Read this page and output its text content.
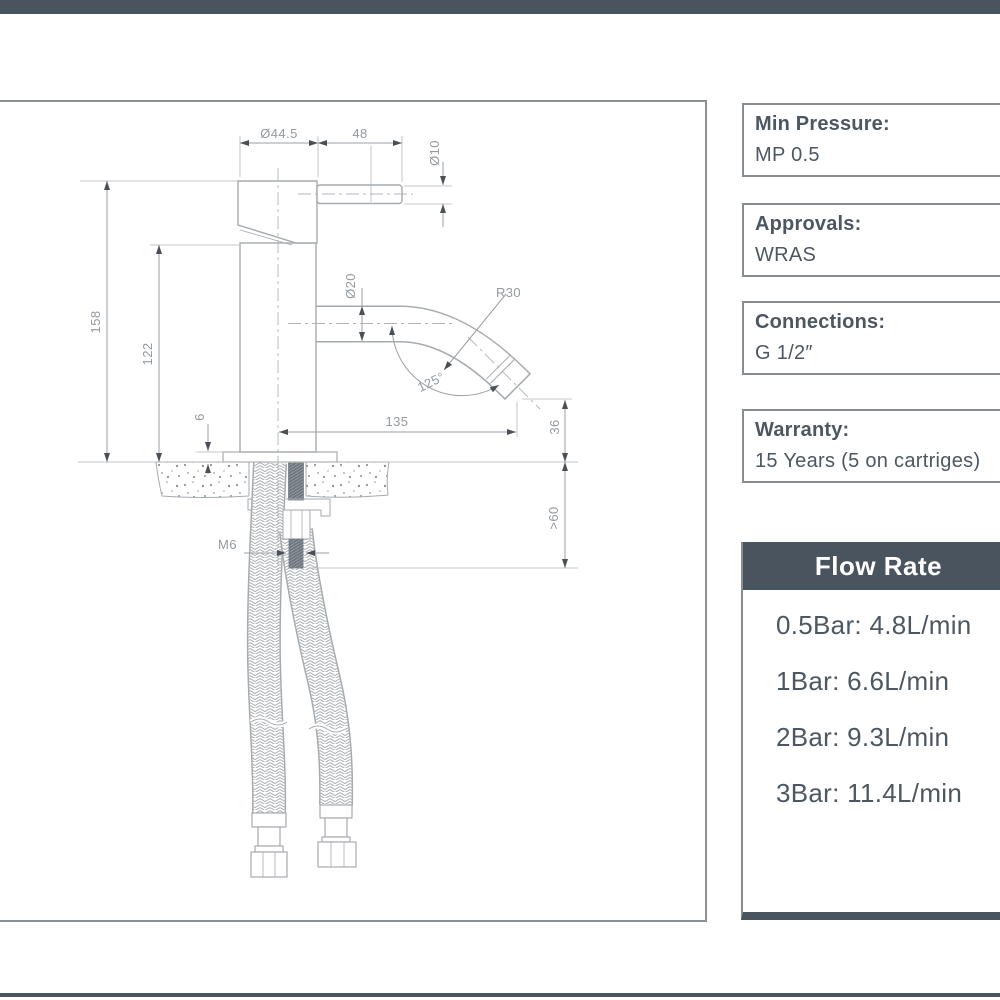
Ø44.5	48
Ø10
Ø20	R30
125°
158
122
6	135	36
>60
M6
Min Pressure:
MP 0.5
Approvals:
WRAS
Connections:
G 1/2″
Warranty:
15 Years (5 on cartriges)
Flow Rate
0.5Bar: 4.8L/min
1Bar: 6.6L/min
2Bar: 9.3L/min
3Bar: 11.4L/min
